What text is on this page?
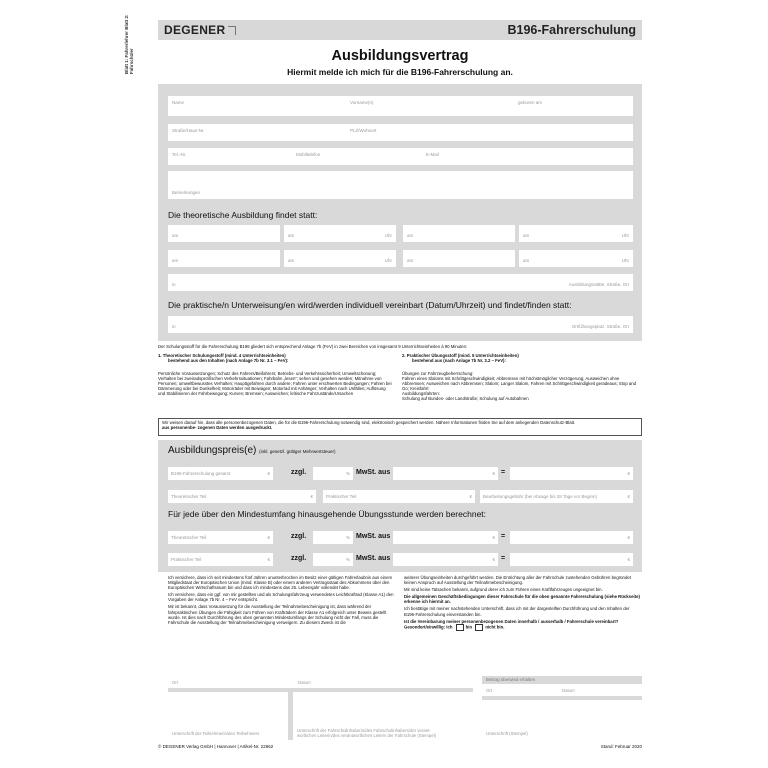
Blatt 1: Fahrerlehrer Blatt 2: Fahrschüler
DEGENER	B196-Fahrerschulung
Ausbildungsvertrag
Hiermit melde ich mich für die B196-Fahrerschulung an.
Name	Vorname(n)	geboren am
Straße/Haus-Nr.	PLZ/Wohnort
Tel.-Nr.	Mobiltelefon	E-Mail
Bemerkungen
am	am	Uhr	am	am	Uhr
am	am	Uhr	am	am	Uhr
in	Ausbildungsstätte, Straße, Ort
in	Ort/Übungsplatz, Straße, Ort
Die theoretische Ausbildung findet statt:
Die praktische/n Unterweisung/en wird/werden individuell vereinbart (Datum/Uhrzeit) und findet/finden statt:
Der Schulungsstoff für die Fahrerschulung B196 gliedert sich entsprechend Anlage 7b (FeV) in zwei Bereichen von insgesamt 9 Unterrichtseinheiten à 90 Minuten:
1. Theoretischer Schulungsstoff (mind. 4 Unterrichtseinheiten)
bestehend aus den Inhalten (nach Anlage 7b Nr. 3.1 – FeV):
Persönliche Voraussetzungen; Schutz des Fahrers/Beifahrers; Betriebs- und Verkehrssicherheit; Umweltschonung; Verhalten bei zweiradspezifischen Verkehrssituationen; Fahrbahn „lesen“; sehen und gesehen werden; Mitnahme von Personen; umweltbewusstes Verhalten; Haupttgefahren durch andere; Fahren unter erschwerten Bedingungen; Fahren bei Dämmerung oder bei Dunkelheit; Motorräder mit Beiwagen; Motorrad mit Anhänger; Verhalten nach Unfällen; Auflösung und Stabilisieren der Fahrbewegung; Kurven; Bremsen; Ausweichen; kritische Fahrzustände/Ursachen
2. Praktischer Übungsstoff (mind. 5 Unterrichtseinheiten)
bestehend aus (nach Anlage 7b Nr. 3.2 – FeV):
Übungen zur Fahrzeugbeherrschung:
Fahren eines Slaloms mit Schrittgeschwindigkeit; Abbremsen mit höchstmöglicher Verzögerung; Ausweichen ohne Abbremsen; Ausweichen nach Abbremsen; Slalom; Langer Slalom, Fahren mit Schrittgeschwindigkeit geradeaus; Stop and Go; Kreisfahrt
Ausbildungsfahrten:
Schulung auf Bundes- oder Landstraße; Schulung auf Autobahnen
Wir weisen darauf hin, dass alle personenbezogenen Daten, die für die B196-Fahrerschulung notwendig sind, elektronisch gespeichert werden. Nähere Informationen finden Sie auf dem anliegenden Datenschutz-Blatt.
aus personenbe- zogenen Daten werden ausgedruckt.
Ausbildungspreis(e) (inkl. gesetzl. gültiger Mehrwertsteuer)
B196-Fahrerschulung gesamt	€	zzgl.	% MwSt. aus	€ =	€
Theoretischer Teil	€	Praktischer Teil	€ Bearbeitungsgebühr (bei Absage bis 28 Tage vor Beginn)	€
Für jede über den Mindestumfang hinausgehende Übungsstunde werden berechnet:
Theoretischer Teil	€	zzgl.	% MwSt. aus	€ =	€
Praktischer Teil	€	zzgl.	% MwSt. aus	€ =	€

Ich versichere, dass ich seit mindestens fünf Jahren ununterbrochen im Besitz einer gültigen Fahrerlaubnis aus einem Mitgliedstaat der Europäischen Union (mind. Klasse B) oder einem anderen Vertragsstaat des Abkommens über den Europäischen Wirtschaftsraum bin und dass ich mindestens das 25. Lebensjahr vollendet habe.

Ich versichere, dass ein ggf. von mir gestelltes und als Schulungsfahrzeug verwendetes Leichtkraftrad (Klasse A1) den Vorgaben der Anlage 7b Nr. 4 – FeV entspricht.

Mir ist bekannt, dass Voraussetzung für die Ausstellung der Teilnahmebescheinigung ist, dass während der fahrpraktischen Übungen die Fähigkeit zum Führen von Krafträdern der Klasse A1 erfolgreich unter Beweis gestellt wurde. Ist dies nach Durchführung des oben genannten Mindestumfangs der Schulung nicht der Fall, muss die Fahrschule die Ausstellung der Teilnahmebescheinigung verweigern. Zu diesem Zweck ist die

weiterer Übungseinheiten durchgeführt werden. Die Entrichtung aller der Fahrschule zustehenden Gebühren begründet keinen Anspruch auf Ausstellung der Teilnahmebescheinigung.

Mir sind keine Tatsachen bekannt, aufgrund derer ich zum Führen eines Kraftfahrzeuges ungeeignet bin.

Die allgemeinen Geschäftsbedingungen dieser Fahrschule für die oben genannte Fahrerschulung (siehe Rückseite) erkenne ich hiermit an.

Ich bestätige mit meiner nachstehenden Unterschrift, dass ich mit der dargestellten Durchführung und den Inhalten der B196-Fahrerschulung einverstanden bin.

Ist die Vereinbarung meiner personenbezogenen Daten innerhalb / ausserhalb / Fahrerschule vereinbart? Gesondert/einwillig: ich	bin	nicht bin.

Ort	Datum
Unterschrift der Teilnehmerin/des Teilnehmers
Unterschrift der Fahrschulinhaberin/des Fahrschulinhabers/der verant-
wortlichen Leiterin/des verantwortlichen Leiters der Fahrschule (Stempel)
Beitrag überwied erhalten
Ort	Datum
Unterschrift (Stempel)
© DEGENER Verlag GmbH | Hannover | Artikel-Nr. 22662	Stand: Februar 2020
